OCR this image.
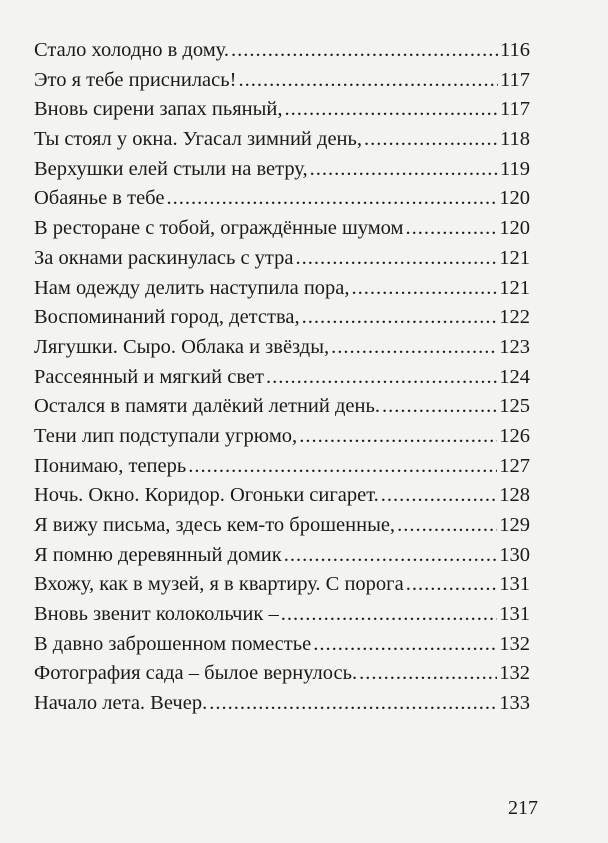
Стало холодно в дому. .....	116
Это я тебе приснилась! .....	117
Вновь сирени запах пьяный, .....	117
Ты стоял у окна. Угасал зимний день, .....	118
Верхушки елей стыли на ветру, .....	119
Обаянье в тебе .....	120
В ресторане с тобой, ограждённые шумом .....	120
За окнами раскинулась с утра .....	121
Нам одежду делить наступила пора, .....	121
Воспоминаний город, детства, .....	122
Лягушки. Сыро. Облака и звёзды, .....	123
Рассеянный и мягкий свет .....	124
Остался в памяти далёкий летний день. .....	125
Тени лип подступали угрюмо, .....	126
Понимаю, теперь .....	127
Ночь. Окно. Коридор. Огоньки сигарет. .....	128
Я вижу письма, здесь кем-то брошенные, .....	129
Я помню деревянный домик .....	130
Вхожу, как в музей, я в квартиру. С порога .....	131
Вновь звенит колокольчик – .....	131
В давно заброшенном поместье .....	132
Фотография сада – былое вернулось. .....	132
Начало лета. Вечер. .....	133
217
